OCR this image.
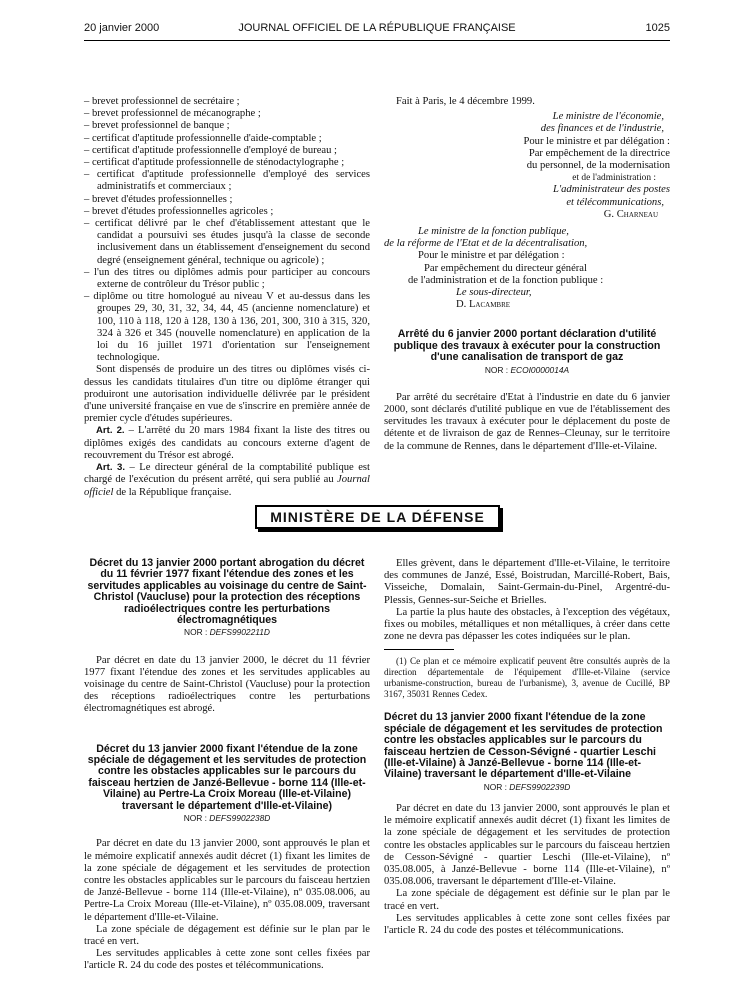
20 janvier 2000	JOURNAL OFFICIEL DE LA RÉPUBLIQUE FRANÇAISE	1025
– brevet professionnel de secrétaire ;
– brevet professionnel de mécanographe ;
– brevet professionnel de banque ;
– certificat d'aptitude professionnelle d'aide-comptable ;
– certificat d'aptitude professionnelle d'employé de bureau ;
– certificat d'aptitude professionnelle de sténodactylographe ;
– certificat d'aptitude professionnelle d'employé des services administratifs et commerciaux ;
– brevet d'études professionnelles ;
– brevet d'études professionnelles agricoles ;
– certificat délivré par le chef d'établissement attestant que le candidat a poursuivi ses études jusqu'à la classe de seconde inclusivement dans un établissement d'enseignement du second degré (enseignement général, technique ou agricole) ;
– l'un des titres ou diplômes admis pour participer au concours externe de contrôleur du Trésor public ;
– diplôme ou titre homologué au niveau V et au-dessus dans les groupes 29, 30, 31, 32, 34, 44, 45 (ancienne nomenclature) et 100, 110 à 118, 120 à 128, 130 à 136, 201, 300, 310 à 315, 320, 324 à 326 et 345 (nouvelle nomenclature) en application de la loi du 16 juillet 1971 d'orientation sur l'enseignement technologique.

Sont dispensés de produire un des titres ou diplômes visés ci-dessus les candidats titulaires d'un titre ou diplôme étranger qui produiront une autorisation individuelle délivrée par le président d'une université française en vue de s'inscrire en première année de premier cycle d'études supérieures.

Art. 2. – L'arrêté du 20 mars 1984 fixant la liste des titres ou diplômes exigés des candidats au concours externe d'agent de recouvrement du Trésor est abrogé.

Art. 3. – Le directeur général de la comptabilité publique est chargé de l'exécution du présent arrêté, qui sera publié au Journal officiel de la République française.

Fait à Paris, le 4 décembre 1999.

Le ministre de l'économie,
des finances et de l'industrie,
Pour le ministre et par délégation :
Par empêchement de la directrice
du personnel, de la modernisation
et de l'administration :
L'administrateur des postes
et télécommunications,
G. Charneau
Le ministre de la fonction publique,
de la réforme de l'Etat et de la décentralisation,
Pour le ministre et par délégation :
Par empêchement du directeur général
de l'administration et de la fonction publique :
Le sous-directeur,
D. Lacambre

Arrêté du 6 janvier 2000 portant déclaration d'utilité publique des travaux à exécuter pour la construction d'une canalisation de transport de gaz

NOR : ECOI0000014A

Par arrêté du secrétaire d'Etat à l'industrie en date du 6 janvier 2000, sont déclarés d'utilité publique en vue de l'établissement des servitudes les travaux à exécuter pour le déplacement du poste de détente et de livraison de gaz de Rennes–Cleunay, sur le territoire de la commune de Rennes, dans le département d'Ille-et-Vilaine.

MINISTÈRE DE LA DÉFENSE

Décret du 13 janvier 2000 portant abrogation du décret du 11 février 1977 fixant l'étendue des zones et les servitudes applicables au voisinage du centre de Saint-Christol (Vaucluse) pour la protection des réceptions radioélectriques contre les perturbations électromagnétiques

NOR : DEFS9902211D

Par décret en date du 13 janvier 2000, le décret du 11 février 1977 fixant l'étendue des zones et les servitudes applicables au voisinage du centre de Saint-Christol (Vaucluse) pour la protection des réceptions radioélectriques contre les perturbations électromagnétiques est abrogé.

Décret du 13 janvier 2000 fixant l'étendue de la zone spéciale de dégagement et les servitudes de protection contre les obstacles applicables sur le parcours du faisceau hertzien de Janzé-Bellevue - borne 114 (Ille-et-Vilaine) au Pertre-La Croix Moreau (Ille-et-Vilaine) traversant le département d'Ille-et-Vilaine)

NOR : DEFS9902238D

Par décret en date du 13 janvier 2000, sont approuvés le plan et le mémoire explicatif annexés audit décret (1) fixant les limites de la zone spéciale de dégagement et les servitudes de protection contre les obstacles applicables sur le parcours du faisceau hertzien de Janzé-Bellevue - borne 114 (Ille-et-Vilaine), nº 035.08.006, au Pertre-La Croix Moreau (Ille-et-Vilaine), nº 035.08.009, traversant le département d'Ille-et-Vilaine.

La zone spéciale de dégagement est définie sur le plan par le tracé en vert.

Les servitudes applicables à cette zone sont celles fixées par l'article R. 24 du code des postes et télécommunications.

Elles grèvent, dans le département d'Ille-et-Vilaine, le territoire des communes de Janzé, Essé, Boistrudan, Marcillé-Robert, Bais, Visseiche, Domalain, Saint-Germain-du-Pinel, Argentré-du-Plessis, Gennes-sur-Seiche et Brielles.

La partie la plus haute des obstacles, à l'exception des végétaux, fixes ou mobiles, métalliques et non métalliques, à créer dans cette zone ne devra pas dépasser les cotes indiquées sur le plan.

(1) Ce plan et ce mémoire explicatif peuvent être consultés auprès de la direction départementale de l'équipement d'Ille-et-Vilaine (service urbanisme-construction, bureau de l'urbanisme), 3, avenue de Cucillé, BP 3167, 35031 Rennes Cedex.

Décret du 13 janvier 2000 fixant l'étendue de la zone spéciale de dégagement et les servitudes de protection contre les obstacles applicables sur le parcours du faisceau hertzien de Cesson-Sévigné - quartier Leschi (Ille-et-Vilaine) à Janzé-Bellevue - borne 114 (Ille-et-Vilaine) traversant le département d'Ille-et-Vilaine

NOR : DEFS9902239D

Par décret en date du 13 janvier 2000, sont approuvés le plan et le mémoire explicatif annexés audit décret (1) fixant les limites de la zone spéciale de dégagement et les servitudes de protection contre les obstacles applicables sur le parcours du faisceau hertzien de Cesson-Sévigné - quartier Leschi (Ille-et-Vilaine), nº 035.08.005, à Janzé-Bellevue - borne 114 (Ille-et-Vilaine), nº 035.08.006, traversant le département d'Ille-et-Vilaine.

La zone spéciale de dégagement est définie sur le plan par le tracé en vert.

Les servitudes applicables à cette zone sont celles fixées par l'article R. 24 du code des postes et télécommunications.
